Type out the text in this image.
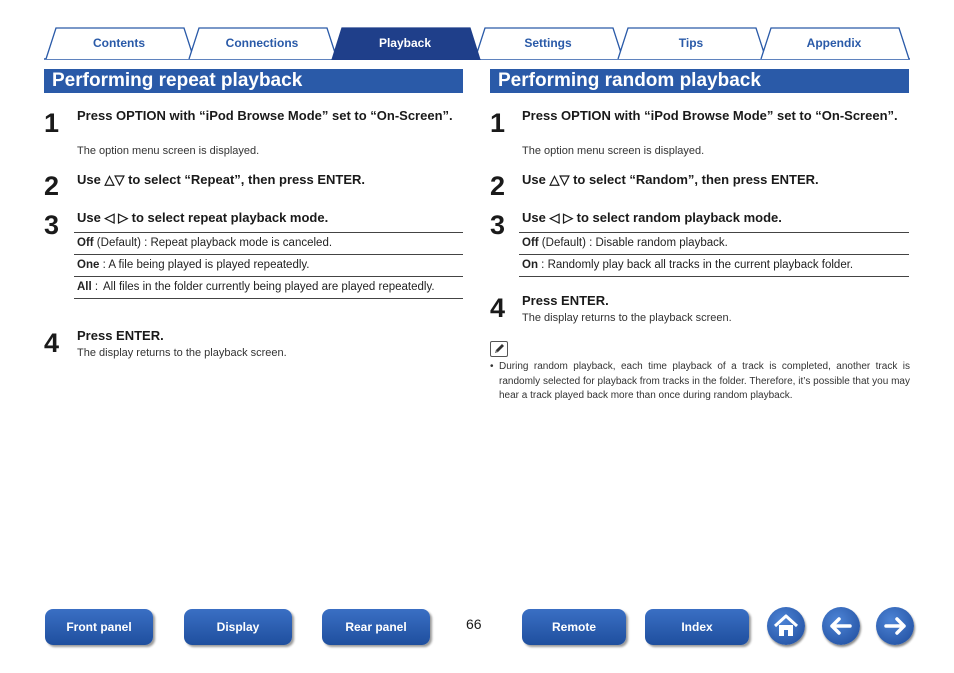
Contents	Connections	Playback	Settings	Tips	Appendix
Performing repeat playback
1 Press OPTION with “iPod Browse Mode” set to “On-Screen”.
The option menu screen is displayed.
2 Use △▽ to select “Repeat”, then press ENTER.
3 Use ◁ ▷ to select repeat playback mode.
Off (Default) : Repeat playback mode is canceled.
One : A file being played is played repeatedly.
All :	All files in the folder currently being played are played repeatedly.
4 Press ENTER.
The display returns to the playback screen.
Performing random playback
1 Press OPTION with “iPod Browse Mode” set to “On-Screen”.
The option menu screen is displayed.
2 Use △▽ to select “Random”, then press ENTER.
3 Use ◁ ▷ to select random playback mode.
Off (Default) : Disable random playback.
On : Randomly play back all tracks in the current playback folder.
4 Press ENTER.
The display returns to the playback screen.
• During random playback, each time playback of a track is completed, another track is randomly selected for playback from tracks in the folder. Therefore, it’s possible that you may hear a track played back more than once during random playback.
Front panel	Display	Rear panel	66	Remote	Index
